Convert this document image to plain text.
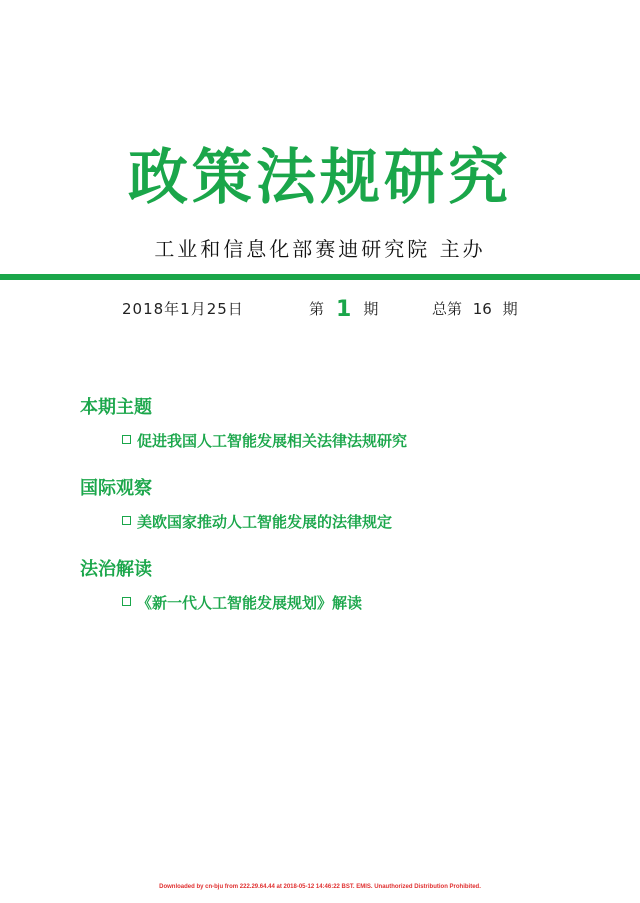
政策法规研究
工业和信息化部赛迪研究院 主办
2018年1月25日	第 1 期	总第 16 期
本期主题
促进我国人工智能发展相关法律法规研究
国际观察
美欧国家推动人工智能发展的法律规定
法治解读
《新一代人工智能发展规划》解读
Downloaded by cn-bju from 222.29.64.44 at 2018-05-12 14:46:22 BST. EMIS. Unauthorized Distribution Prohibited.
